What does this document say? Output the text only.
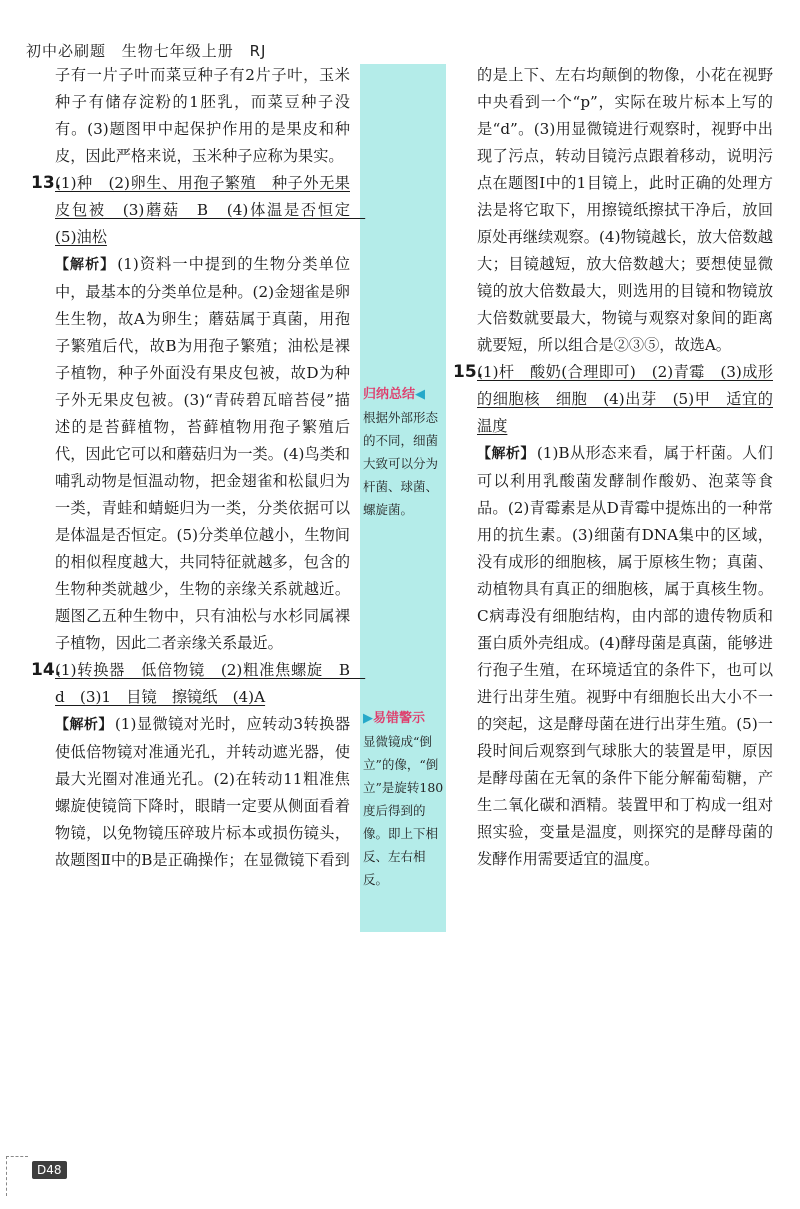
初中必刷题 生物七年级上册 RJ

子有一片子叶而菜豆种子有2片子叶，玉米种子有储存淀粉的1胚乳，而菜豆种子没有。(3)题图甲中起保护作用的是果皮和种皮，因此严格来说，玉米种子应称为果实。

13.(1)种　(2)卵生、用孢子繁殖　种子外无果皮包被　(3)蘑菇　B　(4)体温是否恒定　(5)油松

【解析】 (1)资料一中提到的生物分类单位中，最基本的分类单位是种。(2)金翅雀是卵生生物，故A为卵生；蘑菇属于真菌，用孢子繁殖后代，故B为用孢子繁殖；油松是裸子植物，种子外面没有果皮包被，故D为种子外无果皮包被。(3)“青砖碧瓦暗苔侵”描述的是苔藓植物，苔藓植物用孢子繁殖后代，因此它可以和蘑菇归为一类。(4)鸟类和哺乳动物是恒温动物，把金翅雀和松鼠归为一类，青蛙和蜻蜓归为一类，分类依据可以是体温是否恒定。(5)分类单位越小，生物间的相似程度越大，共同特征就越多，包含的生物种类就越少，生物的亲缘关系就越近。题图乙五种生物中，只有油松与水杉同属裸子植物，因此二者亲缘关系最近。

14.(1)转换器　低倍物镜　(2)粗准焦螺旋　B　d　(3)1　目镜　擦镜纸　(4)A

【解析】 (1)显微镜对光时，应转动3转换器使低倍物镜对准通光孔，并转动遮光器，使最大光圈对准通光孔。(2)在转动11粗准焦螺旋使镜筒下降时，眼睛一定要从侧面看着物镜，以免物镜压碎玻片标本或损伤镜头，故题图Ⅱ中的B是正确操作；在显微镜下看到

归纳总结◀
根据外部形态的不同，细菌大致可以分为杆菌、球菌、螺旋菌。
▶易错警示
显微镜成“倒立”的像，“倒立”是旋转180度后得到的像。即上下相反、左右相反。

的是上下、左右均颠倒的物像，小花在视野中央看到一个“p”，实际在玻片标本上写的是“d”。(3)用显微镜进行观察时，视野中出现了污点，转动目镜污点跟着移动，说明污点在题图Ⅰ中的1目镜上，此时正确的处理方法是将它取下，用擦镜纸擦拭干净后，放回原处再继续观察。(4)物镜越长，放大倍数越大；目镜越短，放大倍数越大；要想使显微镜的放大倍数最大，则选用的目镜和物镜放大倍数就要最大，物镜与观察对象间的距离就要短，所以组合是②③⑤，故选A。

15.(1)杆　酸奶(合理即可)　(2)青霉　(3)成形的细胞核　细胞　(4)出芽　(5)甲　适宜的温度

【解析】 (1)B从形态来看，属于杆菌。人们可以利用乳酸菌发酵制作酸奶、泡菜等食品。(2)青霉素是从D青霉中提炼出的一种常用的抗生素。(3)细菌有DNA集中的区域，没有成形的细胞核，属于原核生物；真菌、动植物具有真正的细胞核，属于真核生物。C病毒没有细胞结构，由内部的遗传物质和蛋白质外壳组成。(4)酵母菌是真菌，能够进行孢子生殖，在环境适宜的条件下，也可以进行出芽生殖。视野中有细胞长出大小不一的突起，这是酵母菌在进行出芽生殖。(5)一段时间后观察到气球胀大的装置是甲，原因是酵母菌在无氧的条件下能分解葡萄糖，产生二氧化碳和酒精。装置甲和丁构成一组对照实验，变量是温度，则探究的是酵母菌的发酵作用需要适宜的温度。

D48
